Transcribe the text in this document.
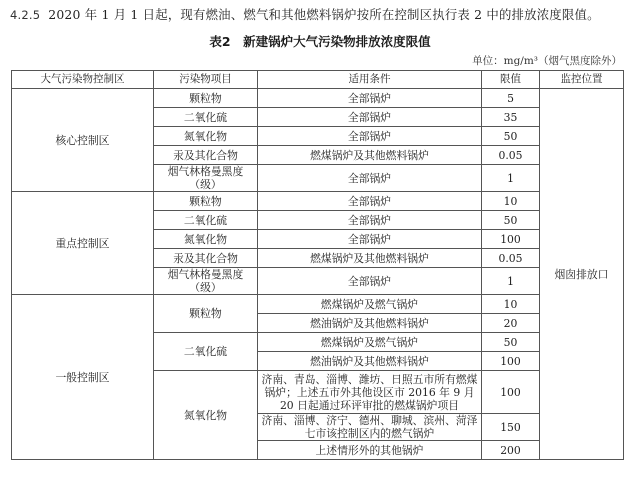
4.2.5 2020 年 1 月 1 日起，现有燃油、燃气和其他燃料锅炉按所在控制区执行表 2 中的排放浓度限值。
表2　新建锅炉大气污染物排放浓度限值
单位：mg/m³（烟气黑度除外）
大气污染物控制区	污染物项目	适用条件	限值	监控位置
核心控制区	颗粒物	全部锅炉	5	烟囱排放口
	二氧化硫	全部锅炉	35	
	氮氧化物	全部锅炉	50	
	汞及其化合物	燃煤锅炉及其他燃料锅炉	0.05	
	烟气林格曼黑度（级）	全部锅炉	1	
重点控制区	颗粒物	全部锅炉	10	
	二氧化硫	全部锅炉	50	
	氮氧化物	全部锅炉	100	
	汞及其化合物	燃煤锅炉及其他燃料锅炉	0.05	
	烟气林格曼黑度（级）	全部锅炉	1	
一般控制区	颗粒物	燃煤锅炉及燃气锅炉	10	
		燃油锅炉及其他燃料锅炉	20	
	二氧化硫	燃煤锅炉及燃气锅炉	50	
		燃油锅炉及其他燃料锅炉	100	
	氮氧化物	济南、青岛、淄博、潍坊、日照五市所有燃煤锅炉；上述五市外其他设区市 2016 年 9 月 20 日起通过环评审批的燃煤锅炉项目	100	
		济南、淄博、济宁、德州、聊城、滨州、菏泽七市该控制区内的燃气锅炉	150	
		上述情形外的其他锅炉	200	
